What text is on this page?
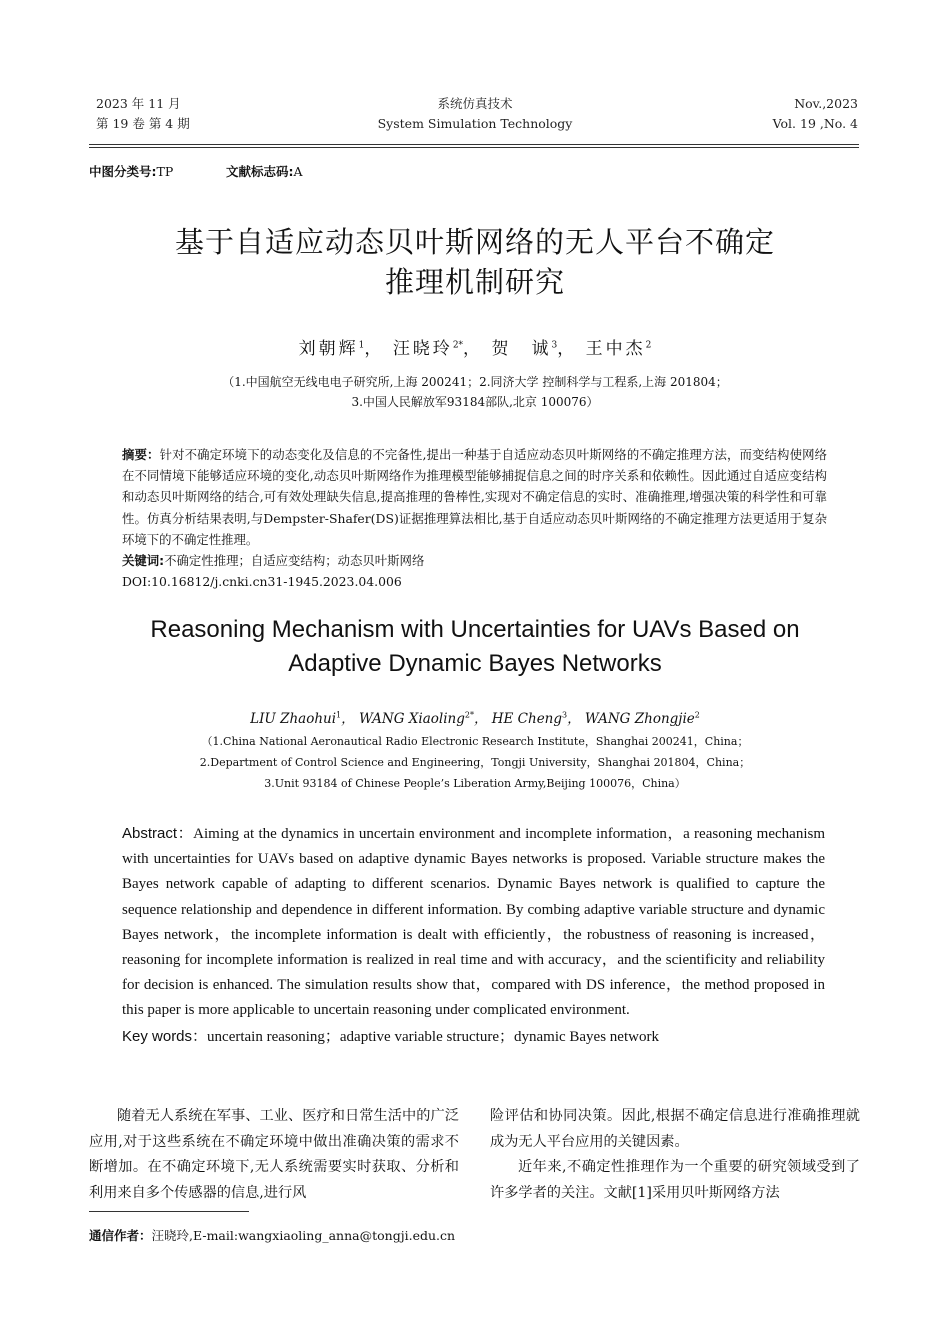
2023 年 11 月
第 19 卷 第 4 期
系统仿真技术
System Simulation Technology
Nov.,2023
Vol. 19 ,No. 4
中图分类号:TP	文献标志码:A
基于自适应动态贝叶斯网络的无人平台不确定
推理机制研究
刘朝辉$^1$， 汪晓玲$^{2*}$， 贺　诚$^3$， 王中杰$^2$
（1.中国航空无线电电子研究所,上海 200241；2.同济大学 控制科学与工程系,上海 201804；
3.中国人民解放军93184部队,北京 100076）

摘要：针对不确定环境下的动态变化及信息的不完备性,提出一种基于自适应动态贝叶斯网络的不确定推理方法，而变结构使网络在不同情境下能够适应环境的变化,动态贝叶斯网络作为推理模型能够捕捉信息之间的时序关系和依赖性。因此通过自适应变结构和动态贝叶斯网络的结合,可有效处理缺失信息,提高推理的鲁棒性,实现对不确定信息的实时、准确推理,增强决策的科学性和可靠性。仿真分析结果表明,与Dempster-Shafer(DS)证据推理算法相比,基于自适应动态贝叶斯网络的不确定推理方法更适用于复杂环境下的不确定性推理。

关键词:不确定性推理；自适应变结构；动态贝叶斯网络

DOI:10.16812/j.cnki.cn31-1945.2023.04.006

Reasoning Mechanism with Uncertainties for UAVs Based on
Adaptive Dynamic Bayes Networks
LIU Zhaohui$^1$， WANG Xiaoling$^{2*}$， HE Cheng$^3$， WANG Zhongjie$^2$
（1.China National Aeronautical Radio Electronic Research Institute，Shanghai 200241，China；
2.Department of Control Science and Engineering，Tongji University，Shanghai 201804，China；
3.Unit 93184 of Chinese People’s Liberation Army,Beijing 100076，China）

Abstract：Aiming at the dynamics in uncertain environment and incomplete information，a reasoning mechanism with uncertainties for UAVs based on adaptive dynamic Bayes networks is proposed. Variable structure makes the Bayes network capable of adapting to different scenarios. Dynamic Bayes network is qualified to capture the sequence relationship and dependence in different information. By combing adaptive variable structure and dynamic Bayes network，the incomplete information is dealt with efficiently，the robustness of reasoning is increased，reasoning for incomplete information is realized in real time and with accuracy，and the scientificity and reliability for decision is enhanced. The simulation results show that，compared with DS inference，the method proposed in this paper is more applicable to uncertain reasoning under complicated environment.

Key words：uncertain reasoning；adaptive variable structure；dynamic Bayes network

随着无人系统在军事、工业、医疗和日常生活中的广泛应用,对于这些系统在不确定环境中做出准确决策的需求不断增加。在不确定环境下,无人系统需要实时获取、分析和利用来自多个传感器的信息,进行风

险评估和协同决策。因此,根据不确定信息进行准确推理就成为无人平台应用的关键因素。

近年来,不确定性推理作为一个重要的研究领域受到了许多学者的关注。文献[1]采用贝叶斯网络方法

通信作者：汪晓玲,E-mail:wangxiaoling_anna@tongji.edu.cn
